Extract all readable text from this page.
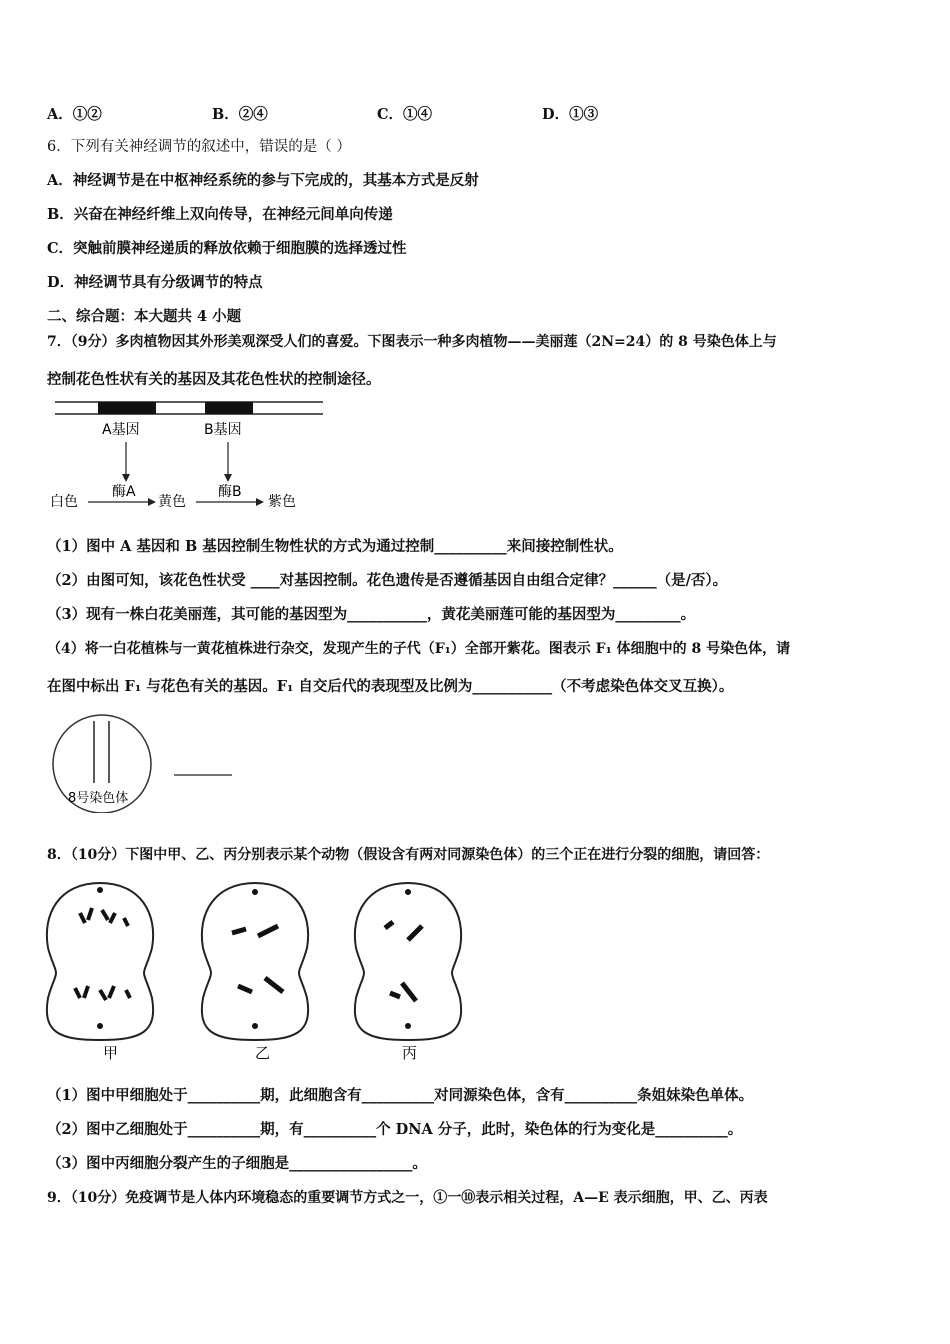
A．①②	B．②④	C．①④	D．①③
6．下列有关神经调节的叙述中，错误的是（ ）
A．神经调节是在中枢神经系统的参与下完成的，其基本方式是反射
B．兴奋在神经纤维上双向传导，在神经元间单向传递
C．突触前膜神经递质的释放依赖于细胞膜的选择透过性
D．神经调节具有分级调节的特点
二、综合题：本大题共 4 小题
7．（9分）多肉植物因其外形美观深受人们的喜爱。下图表示一种多肉植物——美丽莲（2N=24）的 8 号染色体上与
控制花色性状有关的基因及其花色性状的控制途径。
A基因	B基因
白色
酶A
黄色
酶B
紫色
（1）图中 A 基因和 B 基因控制生物性状的方式为通过控制__________来间接控制性状。
（2）由图可知，该花色性状受 ____对基因控制。花色遗传是否遵循基因自由组合定律？______（是/否）。
（3）现有一株白花美丽莲，其可能的基因型为___________，黄花美丽莲可能的基因型为_________。
（4）将一白花植株与一黄花植株进行杂交，发现产生的子代（F₁）全部开紫花。图表示 F₁ 体细胞中的 8 号染色体，请
在图中标出 F₁ 与花色有关的基因。F₁ 自交后代的表现型及比例为___________（不考虑染色体交叉互换）。
8号染色体
8．（10分）下图中甲、乙、丙分别表示某个动物（假设含有两对同源染色体）的三个正在进行分裂的细胞，请回答：
甲	乙	丙
（1）图中甲细胞处于__________期，此细胞含有__________对同源染色体，含有__________条姐妹染色单体。
（2）图中乙细胞处于__________期，有__________个 DNA 分子，此时，染色体的行为变化是__________。
（3）图中丙细胞分裂产生的子细胞是_________________。
9．（10分）免疫调节是人体内环境稳态的重要调节方式之一，①一⑩表示相关过程，A—E 表示细胞，甲、乙、丙表
